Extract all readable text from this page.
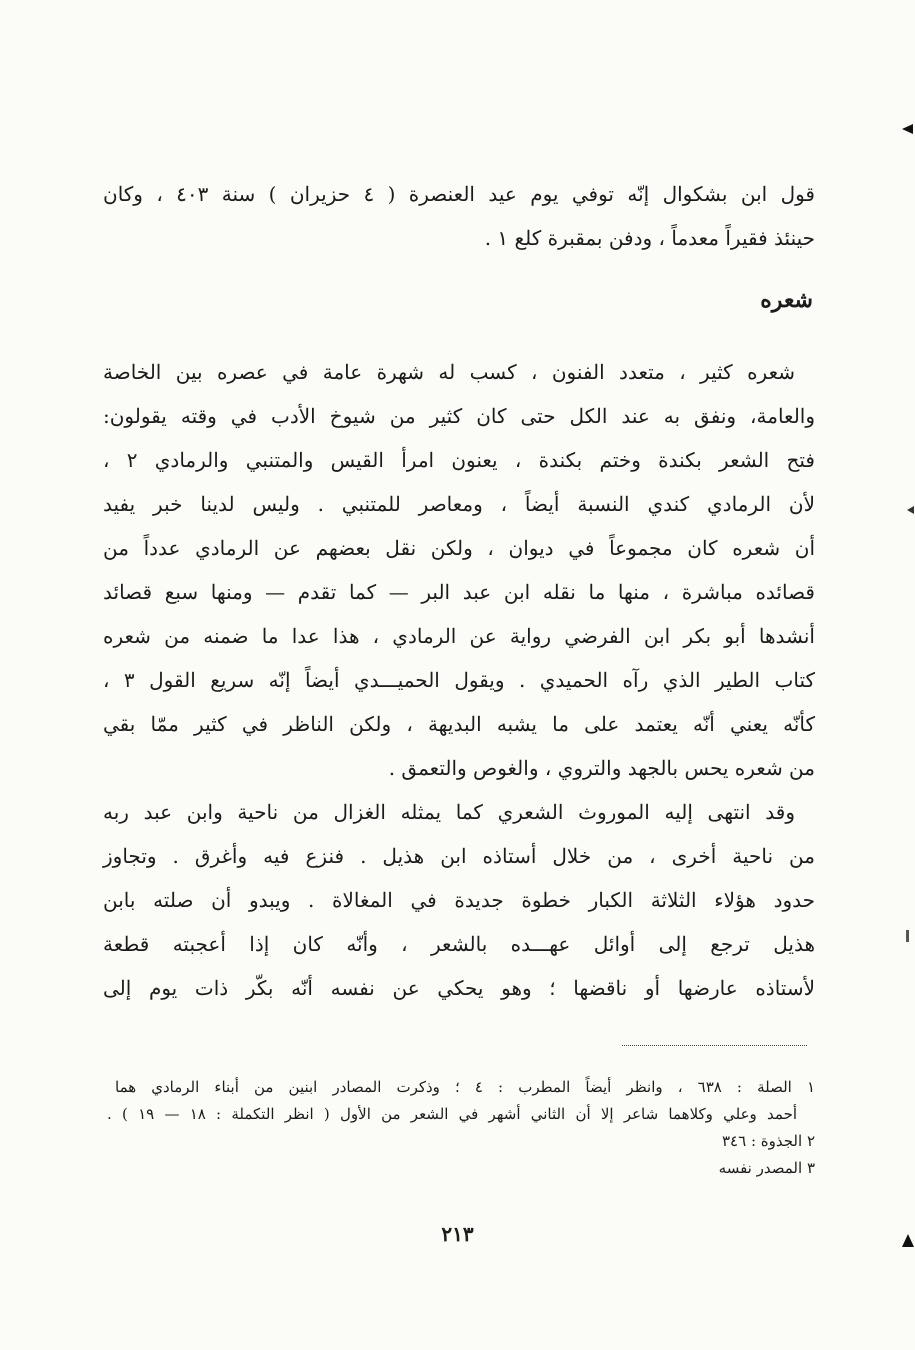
قول ابن بشكوال إنّه توفي يوم عيد العنصرة ( ٤ حزيران ) سنة ٤٠٣ ، وكان
حينئذ فقيراً معدماً ، ودفن بمقبرة كلع ١ .
شعره
شعره كثير ، متعدد الفنون ، كسب له شهرة عامة في عصره بين الخاصة
والعامة، ونفق به عند الكل حتى كان كثير من شيوخ الأدب في وقته يقولون:
فتح الشعر بكندة وختم بكندة ، يعنون امرأ القيس والمتنبي والرمادي ٢ ،
لأن الرمادي كندي النسبة أيضاً ، ومعاصر للمتنبي . وليس لدينا خبر يفيد
أن شعره كان مجموعاً في ديوان ، ولكن نقل بعضهم عن الرمادي عدداً من
قصائده مباشرة ، منها ما نقله ابن عبد البر — كما تقدم — ومنها سبع قصائد
أنشدها أبو بكر ابن الفرضي رواية عن الرمادي ، هذا عدا ما ضمنه من شعره
كتاب الطير الذي رآه الحميدي . ويقول الحميـــدي أيضاً إنّه سريع القول ٣ ،
كأنّه يعني أنّه يعتمد على ما يشبه البديهة ، ولكن الناظر في كثير ممّا بقي
من شعره يحس بالجهد والتروي ، والغوص والتعمق .
وقد انتهى إليه الموروث الشعري كما يمثله الغزال من ناحية وابن عبد ربه
من ناحية أخرى ، من خلال أستاذه ابن هذيل . فنزع فيه وأغرق . وتجاوز
حدود هؤلاء الثلاثة الكبار خطوة جديدة في المغالاة . ويبدو أن صلته بابن
هذيل ترجع إلى أوائل عهـــده بالشعر ، وأنّه كان إذا أعجبته قطعة
لأستاذه عارضها أو ناقضها ؛ وهو يحكي عن نفسه أنّه بكّر ذات يوم إلى
١ الصلة : ٦٣٨ ، وانظر أيضاً المطرب : ٤ ؛ وذكرت المصادر ابنين من أبناء الرمادي هما
أحمد وعلي وكلاهما شاعر إلا أن الثاني أشهر في الشعر من الأول ( انظر التكملة : ١٨ — ١٩ ) .
٢ الجذوة : ٣٤٦
٣ المصدر نفسه
٢١٣
